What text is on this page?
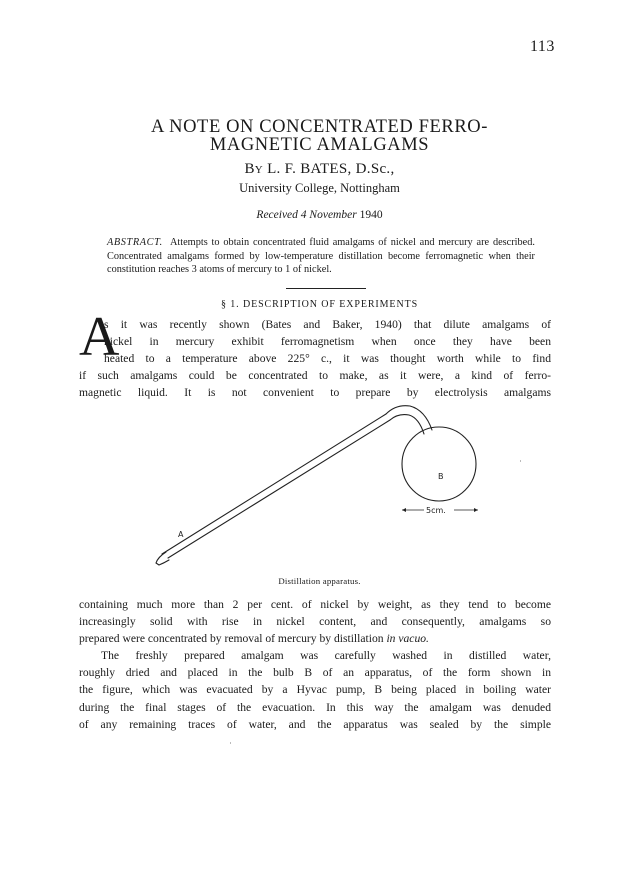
113
A NOTE ON CONCENTRATED FERRO-
MAGNETIC AMALGAMS
By L. F. BATES, D.Sc.,
University College, Nottingham
Received 4 November 1940
ABSTRACT. Attempts to obtain concentrated fluid amalgams of nickel and mercury are described. Concentrated amalgams formed by low-temperature distillation become ferromagnetic when their constitution reaches 3 atoms of mercury to 1 of nickel.
§ 1. DESCRIPTION OF EXPERIMENTS
A
s it was recently shown (Bates and Baker, 1940) that dilute amalgams of
nickel in mercury exhibit ferromagnetism when once they have been
heated to a temperature above 225° c., it was thought worth while to find
if such amalgams could be concentrated to make, as it were, a kind of ferro-
magnetic liquid. It is not convenient to prepare by electrolysis amalgams
A
B
5cm.
Distillation apparatus.
containing much more than 2 per cent. of nickel by weight, as they tend to become
increasingly solid with rise in nickel content, and consequently, amalgams so
prepared were concentrated by removal of mercury by distillation in vacuo.
The freshly prepared amalgam was carefully washed in distilled water,
roughly dried and placed in the bulb B of an apparatus, of the form shown in
the figure, which was evacuated by a Hyvac pump, B being placed in boiling water
during the final stages of the evacuation. In this way the amalgam was denuded
of any remaining traces of water, and the apparatus was sealed by the simple
